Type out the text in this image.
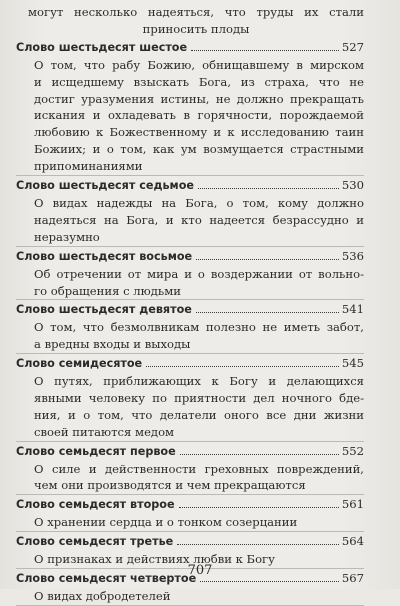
могут несколько надеяться, что труды их стали
приносить плоды
Слово шестьдесят шестое	527
О том, что рабу Божию, обнищавшему в мирском
и исщедшему взыскать Бога, из страха, что не
достиг уразумения истины, не должно прекращать
искания и охладевать в горячности, порождаемой
любовию к Божественному и к исследованию таин
Божиих; и о том, как ум возмущается страстными
припоминаниями
Слово шестьдесят седьмое	530
О видах надежды на Бога, о том, кому должно
надеяться на Бога, и кто надеется безрассудно и
неразумно
Слово шестьдесят восьмое	536
Об отречении от мира и о воздержании от вольно-
го обращения с людьми
Слово шестьдесят девятое	541
О том, что безмолвникам полезно не иметь забот,
а вредны входы и выходы
Слово семидесятое	545
О путях, приближающих к Богу и делающихся
явными человеку по приятности дел ночного бде-
ния, и о том, что делатели оного все дни жизни
своей питаются медом
Слово семьдесят первое	552
О силе и действенности греховных повреждений,
чем они производятся и чем прекращаются
Слово семьдесят второе	561
О хранении сердца и о тонком созерцании
Слово семьдесят третье	564
О признаках и действиях любви к Богу
Слово семьдесят четвертое	567
О видах добродетелей
707
